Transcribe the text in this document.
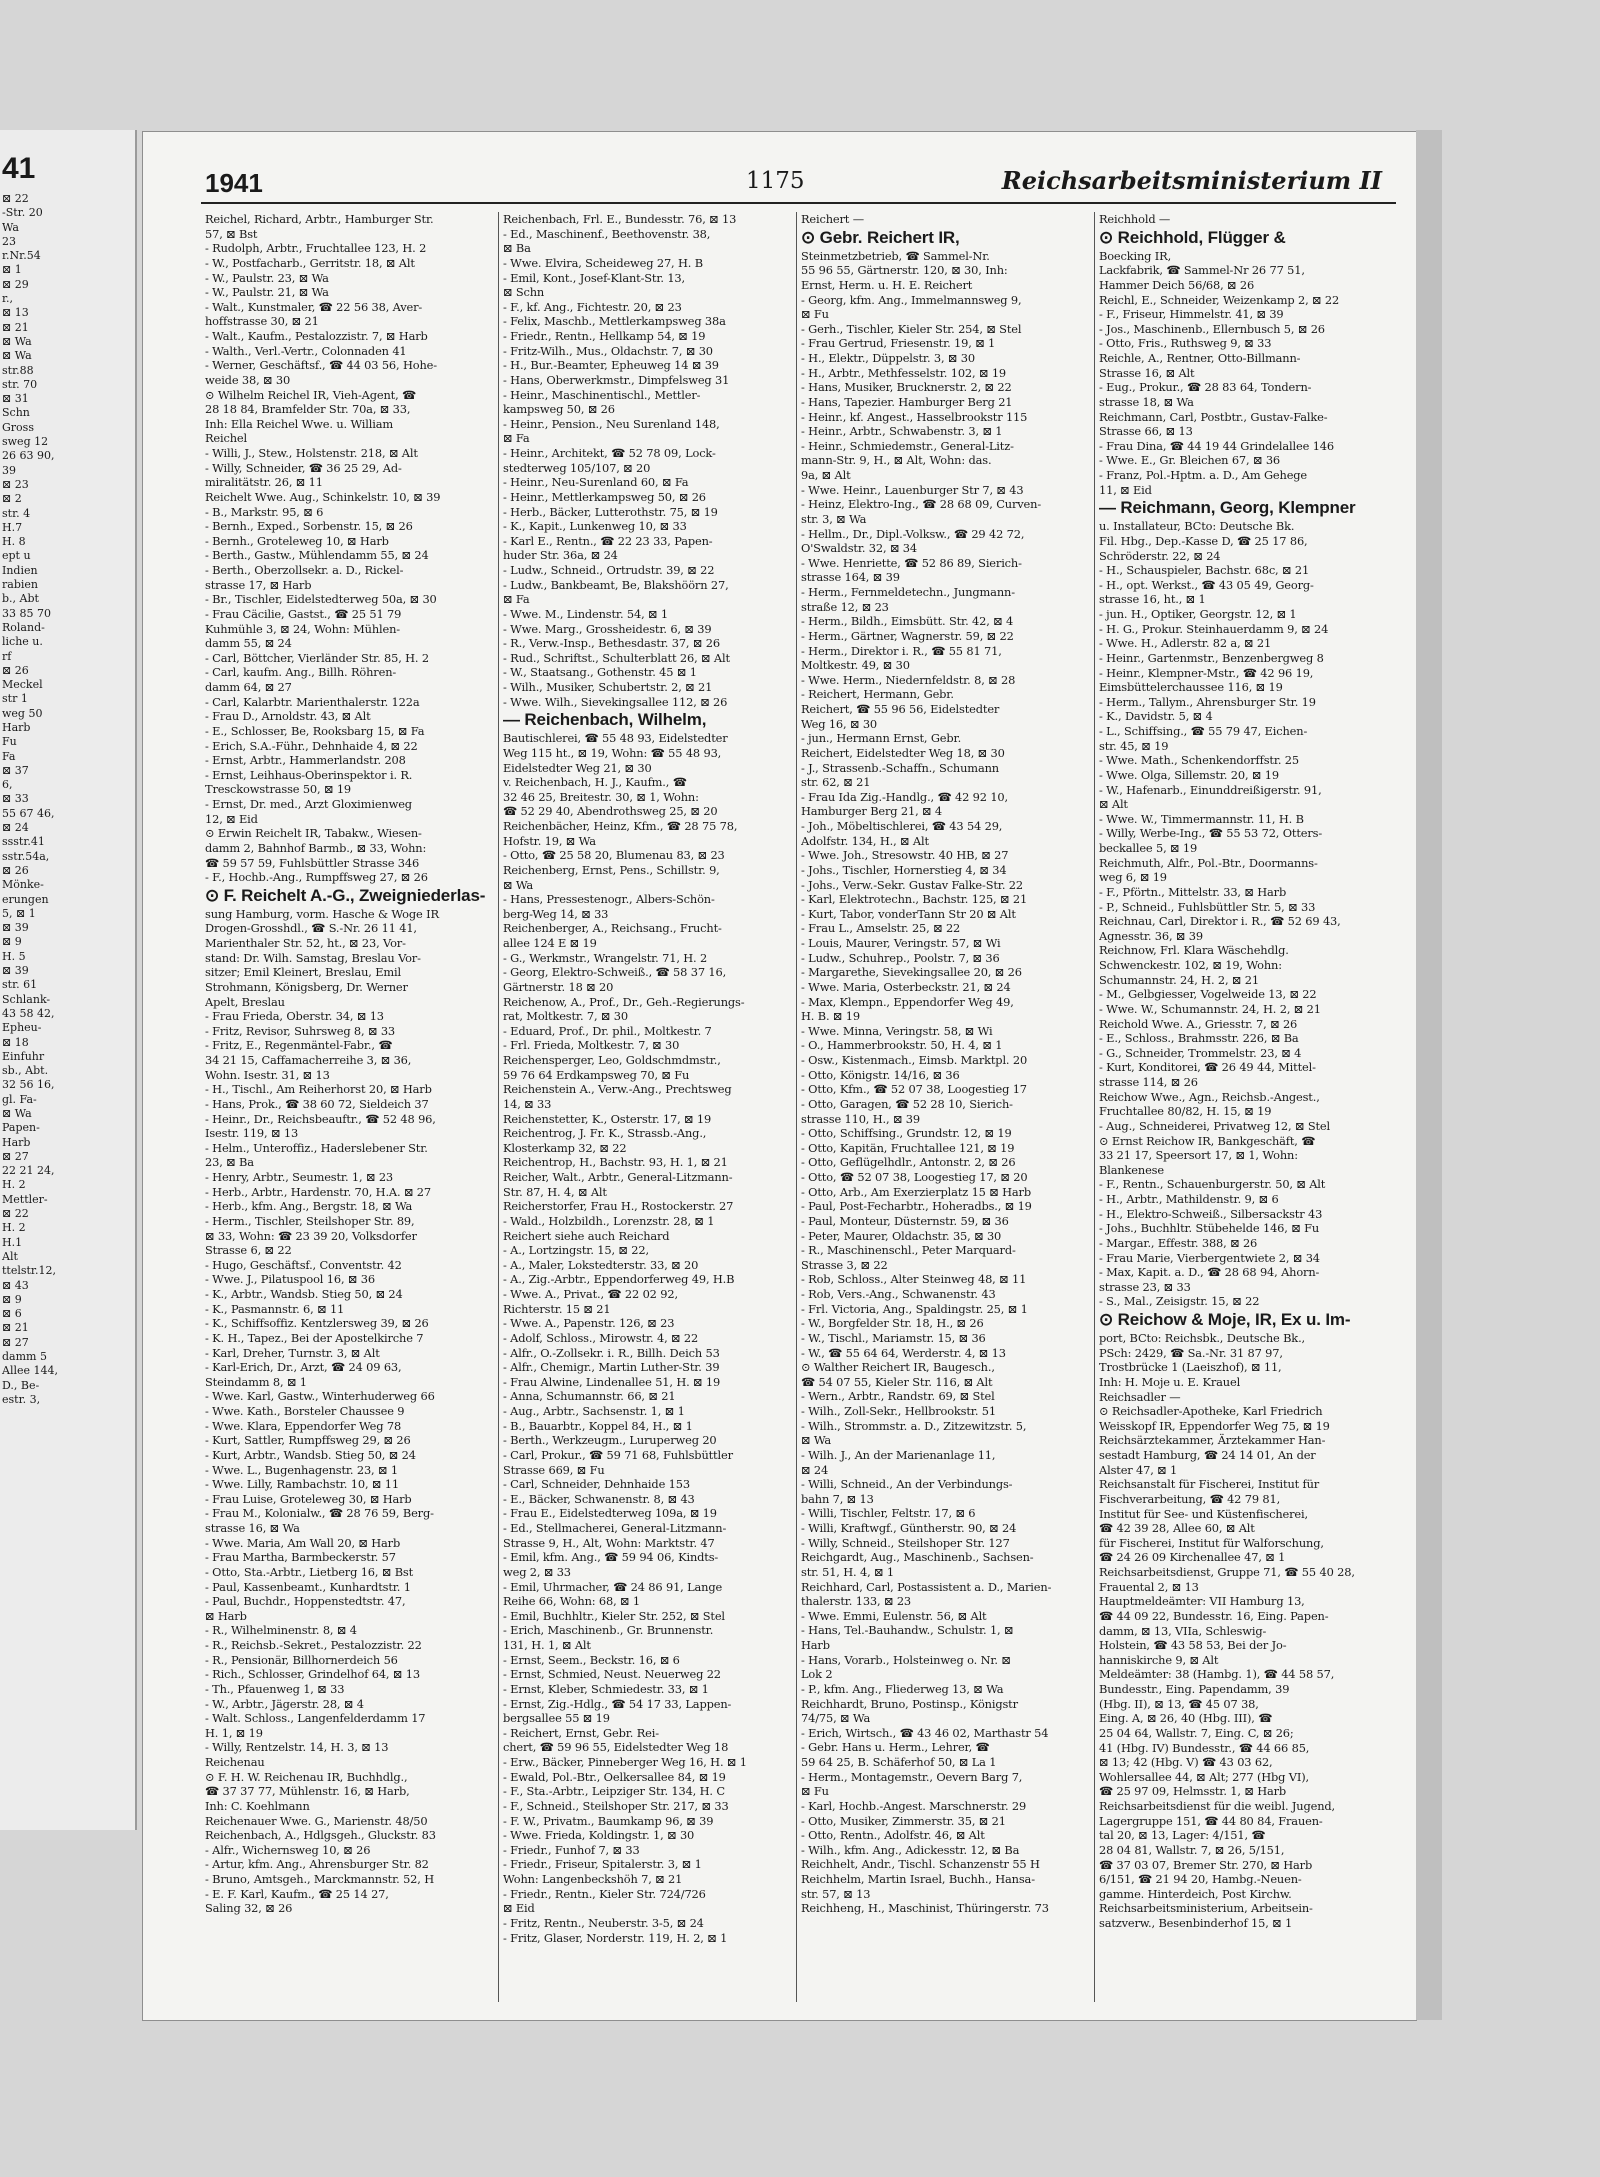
41
⊠ 22
-Str. 20
Wa
23
r.Nr.54
⊠ 1
⊠ 29
r.,
⊠ 13
⊠ 21
⊠ Wa
⊠ Wa
str.88
str. 70
⊠ 31
Schn
Gross
sweg 12
26 63 90,
39
⊠ 23
⊠ 2
str. 4
H.7
H. 8
ept u
Indien
rabien
b., Abt
33 85 70
Roland-
liche u.
rf
⊠ 26
Meckel
str 1
weg 50
Harb
Fu
Fa
⊠ 37
6,
⊠ 33
55 67 46,
⊠ 24
ssstr.41
sstr.54a,
⊠ 26
Mönke-
erungen
5, ⊠ 1
⊠ 39
⊠ 9
H. 5
⊠ 39
str. 61
Schlank-
43 58 42,
Epheu-
⊠ 18
Einfuhr
sb., Abt.
32 56 16,
gl. Fa-
⊠ Wa
Papen-
Harb
⊠ 27
22 21 24,
H. 2
Mettler-
⊠ 22
H. 2
H.1
Alt
ttelstr.12,
⊠ 43
⊠ 9
⊠ 6
⊠ 21
⊠ 27
damm 5
Allee 144,
D., Be-
estr. 3,
1941	1175	Reichsarbeitsministerium II
Reichel, Richard, Arbtr., Hamburger Str.
57, ⊠ Bst
- Rudolph, Arbtr., Fruchtallee 123, H. 2
- W., Postfacharb., Gerritstr. 18, ⊠ Alt
- W., Paulstr. 23, ⊠ Wa
- W., Paulstr. 21, ⊠ Wa
- Walt., Kunstmaler, ☎ 22 56 38, Aver-
hoffstrasse 30, ⊠ 21
- Walt., Kaufm., Pestalozzistr. 7, ⊠ Harb
- Walth., Verl.-Vertr., Colonnaden 41
- Werner, Geschäftsf., ☎ 44 03 56, Hohe-
weide 38, ⊠ 30
⊙ Wilhelm Reichel IR, Vieh-Agent, ☎
28 18 84, Bramfelder Str. 70a, ⊠ 33,
Inh: Ella Reichel Wwe. u. William
Reichel
- Willi, J., Stew., Holstenstr. 218, ⊠ Alt
- Willy, Schneider, ☎ 36 25 29, Ad-
miralitätstr. 26, ⊠ 11
Reichelt Wwe. Aug., Schinkelstr. 10, ⊠ 39
- B., Markstr. 95, ⊠ 6
- Bernh., Exped., Sorbenstr. 15, ⊠ 26
- Bernh., Groteleweg 10, ⊠ Harb
- Berth., Gastw., Mühlendamm 55, ⊠ 24
- Berth., Oberzollsekr. a. D., Rickel-
strasse 17, ⊠ Harb
- Br., Tischler, Eidelstedterweg 50a, ⊠ 30
- Frau Cäcilie, Gastst., ☎ 25 51 79
Kuhmühle 3, ⊠ 24, Wohn: Mühlen-
damm 55, ⊠ 24
- Carl, Böttcher, Vierländer Str. 85, H. 2
- Carl, kaufm. Ang., Billh. Röhren-
damm 64, ⊠ 27
- Carl, Kalarbtr. Marienthalerstr. 122a
- Frau D., Arnoldstr. 43, ⊠ Alt
- E., Schlosser, Be, Rooksbarg 15, ⊠ Fa
- Erich, S.A.-Führ., Dehnhaide 4, ⊠ 22
- Ernst, Arbtr., Hammerlandstr. 208
- Ernst, Leihhaus-Oberinspektor i. R.
Tresckowstrasse 50, ⊠ 19
- Ernst, Dr. med., Arzt Gloximienweg
12, ⊠ Eid
⊙ Erwin Reichelt IR, Tabakw., Wiesen-
damm 2, Bahnhof Barmb., ⊠ 33, Wohn:
☎ 59 57 59, Fuhlsbüttler Strasse 346
- F., Hochb.-Ang., Rumpffsweg 27, ⊠ 26
⊙ F. Reichelt A.-G., Zweigniederlas-
sung Hamburg, vorm. Hasche & Woge IR
Drogen-Grosshdl., ☎ S.-Nr. 26 11 41,
Marienthaler Str. 52, ht., ⊠ 23, Vor-
stand: Dr. Wilh. Samstag, Breslau Vor-
sitzer; Emil Kleinert, Breslau, Emil
Strohmann, Königsberg, Dr. Werner
Apelt, Breslau
- Frau Frieda, Oberstr. 34, ⊠ 13
- Fritz, Revisor, Suhrsweg 8, ⊠ 33
- Fritz, E., Regenmäntel-Fabr., ☎
34 21 15, Caffamacherreihe 3, ⊠ 36,
Wohn. Isestr. 31, ⊠ 13
- H., Tischl., Am Reiherhorst 20, ⊠ Harb
- Hans, Prok., ☎ 38 60 72, Sieldeich 37
- Heinr., Dr., Reichsbeauftr., ☎ 52 48 96,
Isestr. 119, ⊠ 13
- Helm., Unteroffiz., Haderslebener Str.
23, ⊠ Ba
- Henry, Arbtr., Seumestr. 1, ⊠ 23
- Herb., Arbtr., Hardenstr. 70, H.A. ⊠ 27
- Herb., kfm. Ang., Bergstr. 18, ⊠ Wa
- Herm., Tischler, Steilshoper Str. 89,
⊠ 33, Wohn: ☎ 23 39 20, Volksdorfer
Strasse 6, ⊠ 22
- Hugo, Geschäftsf., Conventstr. 42
- Wwe. J., Pilatuspool 16, ⊠ 36
- K., Arbtr., Wandsb. Stieg 50, ⊠ 24
- K., Pasmannstr. 6, ⊠ 11
- K., Schiffsoffiz. Kentzlersweg 39, ⊠ 26
- K. H., Tapez., Bei der Apostelkirche 7
- Karl, Dreher, Turnstr. 3, ⊠ Alt
- Karl-Erich, Dr., Arzt, ☎ 24 09 63,
Steindamm 8, ⊠ 1
- Wwe. Karl, Gastw., Winterhuderweg 66
- Wwe. Kath., Borsteler Chaussee 9
- Wwe. Klara, Eppendorfer Weg 78
- Kurt, Sattler, Rumpffsweg 29, ⊠ 26
- Kurt, Arbtr., Wandsb. Stieg 50, ⊠ 24
- Wwe. L., Bugenhagenstr. 23, ⊠ 1
- Wwe. Lilly, Rambachstr. 10, ⊠ 11
- Frau Luise, Groteleweg 30, ⊠ Harb
- Frau M., Kolonialw., ☎ 28 76 59, Berg-
strasse 16, ⊠ Wa
- Wwe. Maria, Am Wall 20, ⊠ Harb
- Frau Martha, Barmbeckerstr. 57
- Otto, Sta.-Arbtr., Lietberg 16, ⊠ Bst
- Paul, Kassenbeamt., Kunhardtstr. 1
- Paul, Buchdr., Hoppenstedtstr. 47,
⊠ Harb
- R., Wilhelminenstr. 8, ⊠ 4
- R., Reichsb.-Sekret., Pestalozzistr. 22
- R., Pensionär, Billhornerdeich 56
- Rich., Schlosser, Grindelhof 64, ⊠ 13
- Th., Pfauenweg 1, ⊠ 33
- W., Arbtr., Jägerstr. 28, ⊠ 4
- Walt. Schloss., Langenfelderdamm 17
H. 1, ⊠ 19
- Willy, Rentzelstr. 14, H. 3, ⊠ 13
Reichenau
⊙ F. H. W. Reichenau IR, Buchhdlg.,
☎ 37 37 77, Mühlenstr. 16, ⊠ Harb,
Inh: C. Koehlmann
Reichenauer Wwe. G., Marienstr. 48/50
Reichenbach, A., Hdlgsgeh., Gluckstr. 83
- Alfr., Wichernsweg 10, ⊠ 26
- Artur, kfm. Ang., Ahrensburger Str. 82
- Bruno, Amtsgeh., Marckmannstr. 52, H
- E. F. Karl, Kaufm., ☎ 25 14 27,
Saling 32, ⊠ 26
Reichenbach, Frl. E., Bundesstr. 76, ⊠ 13
- Ed., Maschinenf., Beethovenstr. 38,
⊠ Ba
- Wwe. Elvira, Scheideweg 27, H. B
- Emil, Kont., Josef-Klant-Str. 13,
⊠ Schn
- F., kf. Ang., Fichtestr. 20, ⊠ 23
- Felix, Maschb., Mettlerkampsweg 38a
- Friedr., Rentn., Hellkamp 54, ⊠ 19
- Fritz-Wilh., Mus., Oldachstr. 7, ⊠ 30
- H., Bur.-Beamter, Epheuweg 14 ⊠ 39
- Hans, Oberwerkmstr., Dimpfelsweg 31
- Heinr., Maschinentischl., Mettler-
kampsweg 50, ⊠ 26
- Heinr., Pension., Neu Surenland 148,
⊠ Fa
- Heinr., Architekt, ☎ 52 78 09, Lock-
stedterweg 105/107, ⊠ 20
- Heinr., Neu-Surenland 60, ⊠ Fa
- Heinr., Mettlerkampsweg 50, ⊠ 26
- Herb., Bäcker, Lutterothstr. 75, ⊠ 19
- K., Kapit., Lunkenweg 10, ⊠ 33
- Karl E., Rentn., ☎ 22 23 33, Papen-
huder Str. 36a, ⊠ 24
- Ludw., Schneid., Ortrudstr. 39, ⊠ 22
- Ludw., Bankbeamt, Be, Blakshöörn 27,
⊠ Fa
- Wwe. M., Lindenstr. 54, ⊠ 1
- Wwe. Marg., Grossheidestr. 6, ⊠ 39
- R., Verw.-Insp., Bethesdastr. 37, ⊠ 26
- Rud., Schriftst., Schulterblatt 26, ⊠ Alt
- W., Staatsang., Gothenstr. 45 ⊠ 1
- Wilh., Musiker, Schubertstr. 2, ⊠ 21
- Wwe. Wilh., Sievekingsallee 112, ⊠ 26
— Reichenbach, Wilhelm,
Bautischlerei, ☎ 55 48 93, Eidelstedter
Weg 115 ht., ⊠ 19, Wohn: ☎ 55 48 93,
Eidelstedter Weg 21, ⊠ 30
v. Reichenbach, H. J., Kaufm., ☎
32 46 25, Breitestr. 30, ⊠ 1, Wohn:
☎ 52 29 40, Abendrothsweg 25, ⊠ 20
Reichenbächer, Heinz, Kfm., ☎ 28 75 78,
Hofstr. 19, ⊠ Wa
- Otto, ☎ 25 58 20, Blumenau 83, ⊠ 23
Reichenberg, Ernst, Pens., Schillstr. 9,
⊠ Wa
- Hans, Pressestenogr., Albers-Schön-
berg-Weg 14, ⊠ 33
Reichenberger, A., Reichsang., Frucht-
allee 124 E ⊠ 19
- G., Werkmstr., Wrangelstr. 71, H. 2
- Georg, Elektro-Schweiß., ☎ 58 37 16,
Gärtnerstr. 18 ⊠ 20
Reichenow, A., Prof., Dr., Geh.-Regierungs-
rat, Moltkestr. 7, ⊠ 30
- Eduard, Prof., Dr. phil., Moltkestr. 7
- Frl. Frieda, Moltkestr. 7, ⊠ 30
Reichensperger, Leo, Goldschmdmstr.,
59 76 64 Erdkampsweg 70, ⊠ Fu
Reichenstein A., Verw.-Ang., Prechtsweg
14, ⊠ 33
Reichenstetter, K., Osterstr. 17, ⊠ 19
Reichentrog, J. Fr. K., Strassb.-Ang.,
Klosterkamp 32, ⊠ 22
Reichentrop, H., Bachstr. 93, H. 1, ⊠ 21
Reicher, Walt., Arbtr., General-Litzmann-
Str. 87, H. 4, ⊠ Alt
Reicherstorfer, Frau H., Rostockerstr. 27
- Wald., Holzbildh., Lorenzstr. 28, ⊠ 1
Reichert siehe auch Reichard
- A., Lortzingstr. 15, ⊠ 22,
- A., Maler, Lokstedterstr. 33, ⊠ 20
- A., Zig.-Arbtr., Eppendorferweg 49, H.B
- Wwe. A., Privat., ☎ 22 02 92,
Richterstr. 15 ⊠ 21
- Wwe. A., Papenstr. 126, ⊠ 23
- Adolf, Schloss., Mirowstr. 4, ⊠ 22
- Alfr., O.-Zollsekr. i. R., Billh. Deich 53
- Alfr., Chemigr., Martin Luther-Str. 39
- Frau Alwine, Lindenallee 51, H. ⊠ 19
- Anna, Schumannstr. 66, ⊠ 21
- Aug., Arbtr., Sachsenstr. 1, ⊠ 1
- B., Bauarbtr., Koppel 84, H., ⊠ 1
- Berth., Werkzeugm., Luruperweg 20
- Carl, Prokur., ☎ 59 71 68, Fuhlsbüttler
Strasse 669, ⊠ Fu
- Carl, Schneider, Dehnhaide 153
- E., Bäcker, Schwanenstr. 8, ⊠ 43
- Frau E., Eidelstedterweg 109a, ⊠ 19
- Ed., Stellmacherei, General-Litzmann-
Strasse 9, H., Alt, Wohn: Marktstr. 47
- Emil, kfm. Ang., ☎ 59 94 06, Kindts-
weg 2, ⊠ 33
- Emil, Uhrmacher, ☎ 24 86 91, Lange
Reihe 66, Wohn: 68, ⊠ 1
- Emil, Buchhltr., Kieler Str. 252, ⊠ Stel
- Erich, Maschinenb., Gr. Brunnenstr.
131, H. 1, ⊠ Alt
- Ernst, Seem., Beckstr. 16, ⊠ 6
- Ernst, Schmied, Neust. Neuerweg 22
- Ernst, Kleber, Schmiedestr. 33, ⊠ 1
- Ernst, Zig.-Hdlg., ☎ 54 17 33, Lappen-
bergsallee 55 ⊠ 19
- Reichert, Ernst, Gebr. Rei-
chert, ☎ 59 96 55, Eidelstedter Weg 18
- Erw., Bäcker, Pinneberger Weg 16, H. ⊠ 1
- Ewald, Pol.-Btr., Oelkersallee 84, ⊠ 19
- F., Sta.-Arbtr., Leipziger Str. 134, H. C
- F., Schneid., Steilshoper Str. 217, ⊠ 33
- F. W., Privatm., Baumkamp 96, ⊠ 39
- Wwe. Frieda, Koldingstr. 1, ⊠ 30
- Friedr., Funhof 7, ⊠ 33
- Friedr., Friseur, Spitalerstr. 3, ⊠ 1
Wohn: Langenbeckshöh 7, ⊠ 21
- Friedr., Rentn., Kieler Str. 724/726
⊠ Eid
- Fritz, Rentn., Neuberstr. 3-5, ⊠ 24
- Fritz, Glaser, Norderstr. 119, H. 2, ⊠ 1
Reichert —
⊙ Gebr. Reichert IR,
Steinmetzbetrieb, ☎ Sammel-Nr.
55 96 55, Gärtnerstr. 120, ⊠ 30, Inh:
Ernst, Herm. u. H. E. Reichert
- Georg, kfm. Ang., Immelmannsweg 9,
⊠ Fu
- Gerh., Tischler, Kieler Str. 254, ⊠ Stel
- Frau Gertrud, Friesenstr. 19, ⊠ 1
- H., Elektr., Düppelstr. 3, ⊠ 30
- H., Arbtr., Methfesselstr. 102, ⊠ 19
- Hans, Musiker, Brucknerstr. 2, ⊠ 22
- Hans, Tapezier. Hamburger Berg 21
- Heinr., kf. Angest., Hasselbrookstr 115
- Heinr., Arbtr., Schwabenstr. 3, ⊠ 1
- Heinr., Schmiedemstr., General-Litz-
mann-Str. 9, H., ⊠ Alt, Wohn: das.
9a, ⊠ Alt
- Wwe. Heinr., Lauenburger Str 7, ⊠ 43
- Heinz, Elektro-Ing., ☎ 28 68 09, Curven-
str. 3, ⊠ Wa
- Hellm., Dr., Dipl.-Volksw., ☎ 29 42 72,
O'Swaldstr. 32, ⊠ 34
- Wwe. Henriette, ☎ 52 86 89, Sierich-
strasse 164, ⊠ 39
- Herm., Fernmeldetechn., Jungmann-
straße 12, ⊠ 23
- Herm., Bildh., Eimsbütt. Str. 42, ⊠ 4
- Herm., Gärtner, Wagnerstr. 59, ⊠ 22
- Herm., Direktor i. R., ☎ 55 81 71,
Moltkestr. 49, ⊠ 30
- Wwe. Herm., Niedernfeldstr. 8, ⊠ 28
- Reichert, Hermann, Gebr.
Reichert, ☎ 55 96 56, Eidelstedter
Weg 16, ⊠ 30
- jun., Hermann Ernst, Gebr.
Reichert, Eidelstedter Weg 18, ⊠ 30
- J., Strassenb.-Schaffn., Schumann
str. 62, ⊠ 21
- Frau Ida Zig.-Handlg., ☎ 42 92 10,
Hamburger Berg 21, ⊠ 4
- Joh., Möbeltischlerei, ☎ 43 54 29,
Adolfstr. 134, H., ⊠ Alt
- Wwe. Joh., Stresowstr. 40 HB, ⊠ 27
- Johs., Tischler, Hornerstieg 4, ⊠ 34
- Johs., Verw.-Sekr. Gustav Falke-Str. 22
- Karl, Elektrotechn., Bachstr. 125, ⊠ 21
- Kurt, Tabor, vonderTann Str 20 ⊠ Alt
- Frau L., Amselstr. 25, ⊠ 22
- Louis, Maurer, Veringstr. 57, ⊠ Wi
- Ludw., Schuhrep., Poolstr. 7, ⊠ 36
- Margarethe, Sievekingsallee 20, ⊠ 26
- Wwe. Maria, Osterbeckstr. 21, ⊠ 24
- Max, Klempn., Eppendorfer Weg 49,
H. B. ⊠ 19
- Wwe. Minna, Veringstr. 58, ⊠ Wi
- O., Hammerbrookstr. 50, H. 4, ⊠ 1
- Osw., Kistenmach., Eimsb. Marktpl. 20
- Otto, Königstr. 14/16, ⊠ 36
- Otto, Kfm., ☎ 52 07 38, Loogestieg 17
- Otto, Garagen, ☎ 52 28 10, Sierich-
strasse 110, H., ⊠ 39
- Otto, Schiffsing., Grundstr. 12, ⊠ 19
- Otto, Kapitän, Fruchtallee 121, ⊠ 19
- Otto, Geflügelhdlr., Antonstr. 2, ⊠ 26
- Otto, ☎ 52 07 38, Loogestieg 17, ⊠ 20
- Otto, Arb., Am Exerzierplatz 15 ⊠ Harb
- Paul, Post-Fecharbtr., Hoheradbs., ⊠ 19
- Paul, Monteur, Düsternstr. 59, ⊠ 36
- Peter, Maurer, Oldachstr. 35, ⊠ 30
- R., Maschinenschl., Peter Marquard-
Strasse 3, ⊠ 22
- Rob, Schloss., Alter Steinweg 48, ⊠ 11
- Rob, Vers.-Ang., Schwanenstr. 43
- Frl. Victoria, Ang., Spaldingstr. 25, ⊠ 1
- W., Borgfelder Str. 18, H., ⊠ 26
- W., Tischl., Mariamstr. 15, ⊠ 36
- W., ☎ 55 64 64, Werderstr. 4, ⊠ 13
⊙ Walther Reichert IR, Baugesch.,
☎ 54 07 55, Kieler Str. 116, ⊠ Alt
- Wern., Arbtr., Randstr. 69, ⊠ Stel
- Wilh., Zoll-Sekr., Hellbrookstr. 51
- Wilh., Strommstr. a. D., Zitzewitzstr. 5,
⊠ Wa
- Wilh. J., An der Marienanlage 11,
⊠ 24
- Willi, Schneid., An der Verbindungs-
bahn 7, ⊠ 13
- Willi, Tischler, Feltstr. 17, ⊠ 6
- Willi, Kraftwgf., Güntherstr. 90, ⊠ 24
- Willy, Schneid., Steilshoper Str. 127
Reichgardt, Aug., Maschinenb., Sachsen-
str. 51, H. 4, ⊠ 1
Reichhard, Carl, Postassistent a. D., Marien-
thalerstr. 133, ⊠ 23
- Wwe. Emmi, Eulenstr. 56, ⊠ Alt
- Hans, Tel.-Bauhandw., Schulstr. 1, ⊠
Harb
- Hans, Vorarb., Holsteinweg o. Nr. ⊠
Lok 2
- P., kfm. Ang., Fliederweg 13, ⊠ Wa
Reichhardt, Bruno, Postinsp., Königstr
74/75, ⊠ Wa
- Erich, Wirtsch., ☎ 43 46 02, Marthastr 54
- Gebr. Hans u. Herm., Lehrer, ☎
59 64 25, B. Schäferhof 50, ⊠ La 1
- Herm., Montagemstr., Oevern Barg 7,
⊠ Fu
- Karl, Hochb.-Angest. Marschnerstr. 29
- Otto, Musiker, Zimmerstr. 35, ⊠ 21
- Otto, Rentn., Adolfstr. 46, ⊠ Alt
- Wilh., kfm. Ang., Adickesstr. 12, ⊠ Ba
Reichhelt, Andr., Tischl. Schanzenstr 55 H
Reichhelm, Martin Israel, Buchh., Hansa-
str. 57, ⊠ 13
Reichheng, H., Maschinist, Thüringerstr. 73
Reichhold —
⊙ Reichhold, Flügger &
Boecking IR,
Lackfabrik, ☎ Sammel-Nr 26 77 51,
Hammer Deich 56/68, ⊠ 26
Reichl, E., Schneider, Weizenkamp 2, ⊠ 22
- F., Friseur, Himmelstr. 41, ⊠ 39
- Jos., Maschinenb., Ellernbusch 5, ⊠ 26
- Otto, Fris., Ruthsweg 9, ⊠ 33
Reichle, A., Rentner, Otto-Billmann-
Strasse 16, ⊠ Alt
- Eug., Prokur., ☎ 28 83 64, Tondern-
strasse 18, ⊠ Wa
Reichmann, Carl, Postbtr., Gustav-Falke-
Strasse 66, ⊠ 13
- Frau Dina, ☎ 44 19 44 Grindelallee 146
- Wwe. E., Gr. Bleichen 67, ⊠ 36
- Franz, Pol.-Hptm. a. D., Am Gehege
11, ⊠ Eid
— Reichmann, Georg, Klempner
u. Installateur, BCto: Deutsche Bk.
Fil. Hbg., Dep.-Kasse D, ☎ 25 17 86,
Schröderstr. 22, ⊠ 24
- H., Schauspieler, Bachstr. 68c, ⊠ 21
- H., opt. Werkst., ☎ 43 05 49, Georg-
strasse 16, ht., ⊠ 1
- jun. H., Optiker, Georgstr. 12, ⊠ 1
- H. G., Prokur. Steinhauerdamm 9, ⊠ 24
- Wwe. H., Adlerstr. 82 a, ⊠ 21
- Heinr., Gartenmstr., Benzenbergweg 8
- Heinr., Klempner-Mstr., ☎ 42 96 19,
Eimsbüttelerchaussee 116, ⊠ 19
- Herm., Tallym., Ahrensburger Str. 19
- K., Davidstr. 5, ⊠ 4
- L., Schiffsing., ☎ 55 79 47, Eichen-
str. 45, ⊠ 19
- Wwe. Math., Schenkendorffstr. 25
- Wwe. Olga, Sillemstr. 20, ⊠ 19
- W., Hafenarb., Einunddreißigerstr. 91,
⊠ Alt
- Wwe. W., Timmermannstr. 11, H. B
- Willy, Werbe-Ing., ☎ 55 53 72, Otters-
beckallee 5, ⊠ 19
Reichmuth, Alfr., Pol.-Btr., Doormanns-
weg 6, ⊠ 19
- F., Pförtn., Mittelstr. 33, ⊠ Harb
- P., Schneid., Fuhlsbüttler Str. 5, ⊠ 33
Reichnau, Carl, Direktor i. R., ☎ 52 69 43,
Agnesstr. 36, ⊠ 39
Reichnow, Frl. Klara Wäschehdlg.
Schwenckestr. 102, ⊠ 19, Wohn:
Schumannstr. 24, H. 2, ⊠ 21
- M., Gelbgiesser, Vogelweide 13, ⊠ 22
- Wwe. W., Schumannstr. 24, H. 2, ⊠ 21
Reichold Wwe. A., Griesstr. 7, ⊠ 26
- E., Schloss., Brahmsstr. 226, ⊠ Ba
- G., Schneider, Trommelstr. 23, ⊠ 4
- Kurt, Konditorei, ☎ 26 49 44, Mittel-
strasse 114, ⊠ 26
Reichow Wwe., Agn., Reichsb.-Angest.,
Fruchtallee 80/82, H. 15, ⊠ 19
- Aug., Schneiderei, Privatweg 12, ⊠ Stel
⊙ Ernst Reichow IR, Bankgeschäft, ☎
33 21 17, Speersort 17, ⊠ 1, Wohn:
Blankenese
- F., Rentn., Schauenburgerstr. 50, ⊠ Alt
- H., Arbtr., Mathildenstr. 9, ⊠ 6
- H., Elektro-Schweiß., Silbersackstr 43
- Johs., Buchhltr. Stübehelde 146, ⊠ Fu
- Margar., Effestr. 388, ⊠ 26
- Frau Marie, Vierbergentwiete 2, ⊠ 34
- Max, Kapit. a. D., ☎ 28 68 94, Ahorn-
strasse 23, ⊠ 33
- S., Mal., Zeisigstr. 15, ⊠ 22
⊙ Reichow & Moje, IR, Ex u. Im-
port, BCto: Reichsbk., Deutsche Bk.,
PSch: 2429, ☎ Sa.-Nr. 31 87 97,
Trostbrücke 1 (Laeiszhof), ⊠ 11,
Inh: H. Moje u. E. Krauel
Reichsadler —
⊙ Reichsadler-Apotheke, Karl Friedrich
Weisskopf IR, Eppendorfer Weg 75, ⊠ 19
Reichsärztekammer, Ärztekammer Han-
sestadt Hamburg, ☎ 24 14 01, An der
Alster 47, ⊠ 1
Reichsanstalt für Fischerei, Institut für
Fischverarbeitung, ☎ 42 79 81,
Institut für See- und Küstenfischerei,
☎ 42 39 28, Allee 60, ⊠ Alt
für Fischerei, Institut für Walforschung,
☎ 24 26 09 Kirchenallee 47, ⊠ 1
Reichsarbeitsdienst, Gruppe 71, ☎ 55 40 28,
Frauental 2, ⊠ 13
Hauptmeldeämter: VII Hamburg 13,
☎ 44 09 22, Bundesstr. 16, Eing. Papen-
damm, ⊠ 13, VIIa, Schleswig-
Holstein, ☎ 43 58 53, Bei der Jo-
hanniskirche 9, ⊠ Alt
Meldeämter: 38 (Hambg. 1), ☎ 44 58 57,
Bundesstr., Eing. Papendamm, 39
(Hbg. II), ⊠ 13, ☎ 45 07 38,
Eing. A, ⊠ 26, 40 (Hbg. III), ☎
25 04 64, Wallstr. 7, Eing. C, ⊠ 26;
41 (Hbg. IV) Bundesstr., ☎ 44 66 85,
⊠ 13; 42 (Hbg. V) ☎ 43 03 62,
Wohlersallee 44, ⊠ Alt; 277 (Hbg VI),
☎ 25 97 09, Helmsstr. 1, ⊠ Harb
Reichsarbeitsdienst für die weibl. Jugend,
Lagergruppe 151, ☎ 44 80 84, Frauen-
tal 20, ⊠ 13, Lager: 4/151, ☎
28 04 81, Wallstr. 7, ⊠ 26, 5/151,
☎ 37 03 07, Bremer Str. 270, ⊠ Harb
6/151, ☎ 21 94 20, Hambg.-Neuen-
gamme. Hinterdeich, Post Kirchw.
Reichsarbeitsministerium, Arbeitsein-
satzverw., Besenbinderhof 15, ⊠ 1
